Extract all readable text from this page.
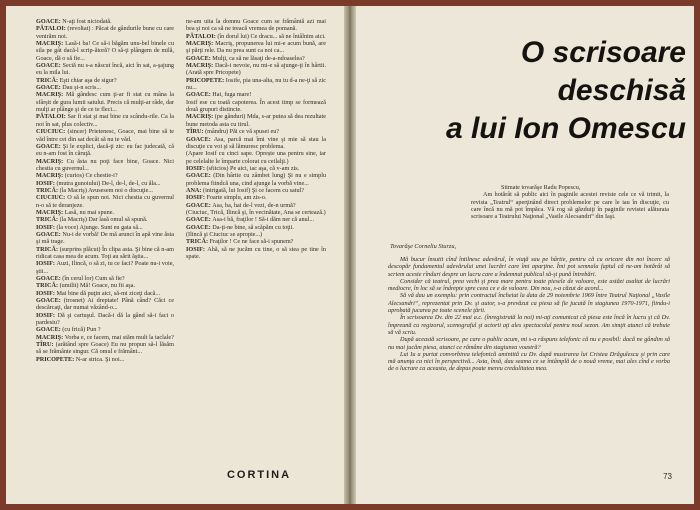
GOACE: N-aţi fost niciodată.

PĂTALOI: (revoltat) : Păcat de gândurile bune cu care venirăm noi.

MACRIŞ: Lasă-i ba! Ce să-i băgăm unu-bel binele cu sila pe gât dacă-l scrip-ătoră? O să-ţi plângem de milă, Goace, dă o să fie...

GOACE: Seciă nu s-a născut încă, aici în sat, a-şajung eu la mila lui.

TRICĂ: Eşti chiar aşa de sigur?

GOACE: Dau şi-n scris...

MACRIŞ: Mă gândesc cum ţi-ar fi stat cu mâna la sfârşit de gura lumii satului. Precis că mulţi-ar râde, dar mulţi ar plânge şi de ce te fleci...

PĂTALOI: Sar fi stat şi mai bine cu scându-rile. Ca la noi în sat, plus colectiv...

CIUCIUC: (sincer) Prietenesc, Goace, mai bine să te văd între cei din sat decât să nu te văd.

GOACE: Şi le explici, dacă-ţi zic: eu fac judecată, că eu n-am fost în căruţă.

MACRIŞ: Cu ăsta nu poţi face bine, Goace. Nici chestia cu guvernul...

MACRIŞ: (curios) Ce chestie-i?

IOSIF: (mutra gunoiului) De-l, de-l, de-l, cu ăla...

TRICĂ: (la Macriş) Avusesem noi o discuţie...

CIUCIUC: O să le spun noi. Nici chestia cu guvernul n-o să te deranjeze.

MACRIŞ: Lasă, nu mai spune.

TRICĂ: (la Macriş) Dar lasă omul să spună.

IOSIF: (la voce) Ajunge. Sunt eu gata să...

GOACE: Nu-i de vorbă! De mă arunci în apă vine ăsta şi mă trage.

TRICĂ: (surprins plăcut) În clipa asta. Şi bine că n-am ridicat casa mea de acum. Toţi au sărit ăştia...

IOSIF: Auzi, Ilincă, o să zi, tu ce faci? Poate nu-i voie, ştii...

GOACE: (în cerul lor) Cum să fie?

TRICĂ: (umilit) Mă! Goace, nu fii aşa.

IOSIF: Mai bine dă puţin aici, să-mi ziceţi dacă...

GOACE: (trosnet) Ai dreptate! Până când? Căci ce descărcaţi, dar numai văzând-o...

IOSIF: Dă şi cartuşul. Dacă-i dă la gând să-i faci o pardesiu?

GOACE: (cu frică) Pun ?

MACRIŞ: Vorba e, ce facem, mai stăm mult la taclale?

TÎRU: (arătând spre Goace) Eu nu propun să-l lăsăm să se frământe singur. Că omul e frământ...

PRICOPETE: N-ar strica. Şi noi...

ne-am uita la domnu Goace cum se frământă azi mai bea şi noi ca să ne treacă vremea de pomană.

PĂTALOI: (în dorul lui) Ce dracu... să ne întâlnim aici.

MACRIŞ: Macriş, propunerea lui mi-e acum bună, are şi părţi rele. Da nu prea sunt ca noi ca...

GOACE: Mulţi, ca să ne lăsaţi de-a-ndoaselea?

MACRIŞ: Dacă-i nevoie, nu mi-e să ajunge-ţi în hârtii. (Arată spre Pricopete)

PRICOPETE: Iosife, pia una-alta, nu tu d-a ne-ţi să zic nu...

GOACE: Hai, fuga mare!

Iosif ese cu toată capoterea. În acest timp se formează două grupuri distincte.

MACRIŞ: (pe gânduri) Mda, s-ar putea să dea rezultate bune metoda asta cu tirul.

TÎRU: (mândru) Păi ce vă spusei eu?

GOACE: Asa, parcă mai îmi vine şi mie să stau la discuţie cu voi şi să lămuresc problema.

(Apare Iosif cu cinci sape. Oprește una pentru sine, iar pe celelalte le împarte colorat cu ceilalţi.)

IOSIF: (sfiicios) Pe aici, iac aşa, că v-am zis.

GOACE: (Din hârtie cu zâmbet lung) Şi nu e simplu problema fiindcă una, cind ajunge la vorbă vine...

ANA: (intrigată, lui Iosif) Şi ce facem cu satul?

IOSIF: Foarte simplu, am zis-o.

GOACE: Asa, ba, hai de-l vezi, de-n urmă?

(Ciuciuc, Trică, Ilincă şi, în vecinătate, Ana se certează.)

GOACE: Asa-i bă, fraţilor ! Să-i dăm ner că anul...

GOACE: Da-ţi-ne bine, să scăpăm cu toţii.

(Ilincă şi Ciuciuc se apropie...)

TRICĂ: Fraţilor ! Ce ne face să-i spunem?

IOSIF: Ahă, să ne jucăm cu tine, o să stea pe tine în spate.

CORTINA
O scrisoare
deschisă
a lui Ion Omescu

Stimate tovarăşe Radu Popescu,

Am hotărât să public aici în paginile acestei reviste cele ce vă trimit, la revista „Teatrul“ aperţinând direct problemelor pe care le iau în discuţie, cu care încă nu mă pot împăca. Vă rog să găzduiţi în paginile revistei alăturata scrisoare a Teatrului Naţional „Vasile Alecsandri“ din Iaşi.

Tovarăşe Corneliu Sturzu,

Mă bucur însutit cînd întilnesc adevărul, în viaţă sau pe hârtie, pentru că cu oricare din noi încerc să descopăr fundamentul adevărului unei lucrări care îmi aparţine. Îmi pot semnala faptul că ne-am hotărât să scriem aceste rînduri despre un lucru care a îndemnat publicul să-şi pună întrebări.

Consider că teatrul, prea vechi şi prea mare pentru toate piesele de valoare, este astăzi asaltat de lucrări mediocre, în loc să se îndrepte spre ceea ce e de valoare. Din nou, s-a căzut de acord...

Să vă dau un exemplu: prin contractul încheiat la data de 29 noiembrie 1969 între Teatrul Naţional „Vasile Alecsandri“, reprezentat prin Dv. şi autor, s-a prevăzut ca piesa să fie jucată în stagiunea 1970-1971, fiindu-i aprobată jucarea pe toate scenele ţării.

În scrisoarea Dv. din 22 mai a.c. (înregistrată la noi) mi-aţi comunicat că piesa este încă în lucru şi că Dv. împreună cu regizorul, scenograful şi actorii aţi ales spectacolul pentru noul sezon. Am simţit atunci că trebuie să vă scriu.

După această scrisoare, pe care o public acum, mi s-a răspuns telefonic că nu e posibil: dacă ne gândim să nu mai jucăm piesa, atunci ce rămâne din stagiunea voastră?

Lui Iu a purtat convorbirea telefonică amintită cu Dv. după mustrarea lui Cristea Drăgulescu şi prin care mă anunţa ca nici în perspectivă... Asta, însă, dau seama ce se întâmplă de o nouă vreme, mai ales cînd e vorba de o lucrare ca aceasta, de depus poate mereu credulitatea mea.

73
